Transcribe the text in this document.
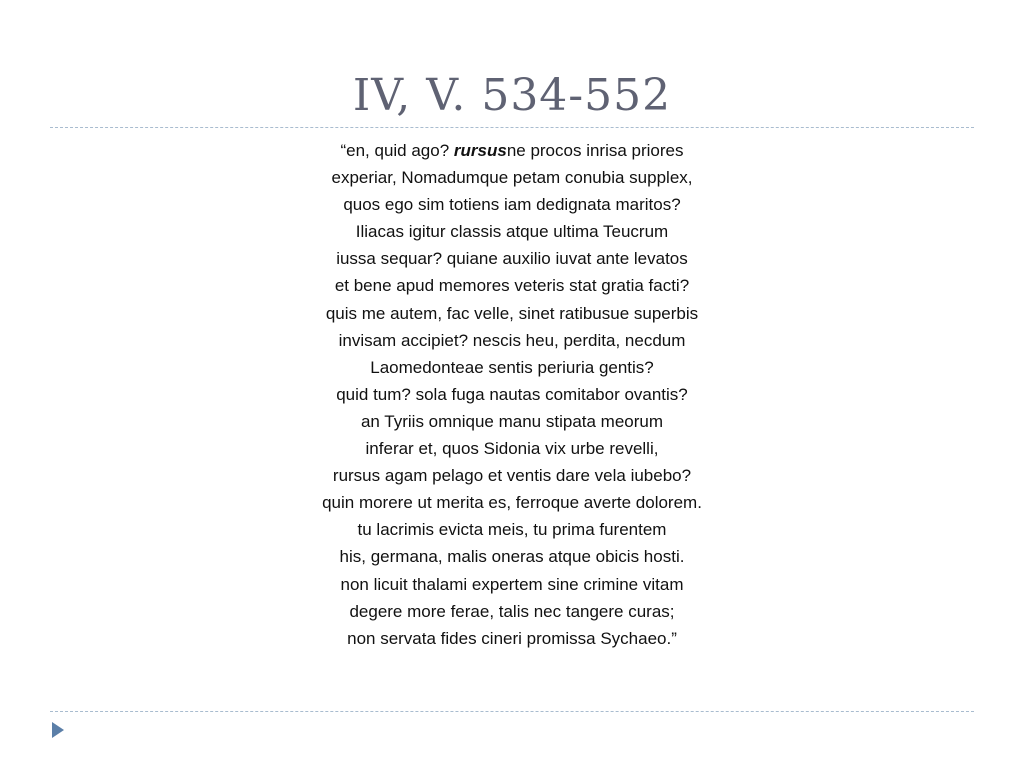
IV, V. 534-552
“en, quid ago? rursusne procos inrisa priores
experiar, Nomadumque petam conubia supplex,
quos ego sim totiens iam dedignata maritos?
Iliacas igitur classis atque ultima Teucrum
iussa sequar? quiane auxilio iuvat ante levatos
et bene apud memores veteris stat gratia facti?
quis me autem, fac velle, sinet ratibusue superbis
invisam accipiet? nescis heu, perdita, necdum
Laomedonteae sentis periuria gentis?
quid tum? sola fuga nautas comitabor ovantis?
an Tyriis omnique manu stipata meorum
inferar et, quos Sidonia vix urbe revelli,
rursus agam pelago et ventis dare vela iubebo?
quin morere ut merita es, ferroque averte dolorem.
tu lacrimis evicta meis, tu prima furentem
his, germana, malis oneras atque obicis hosti.
non licuit thalami expertem sine crimine vitam
degere more ferae, talis nec tangere curas;
non servata fides cineri promissa Sychaeo.”
